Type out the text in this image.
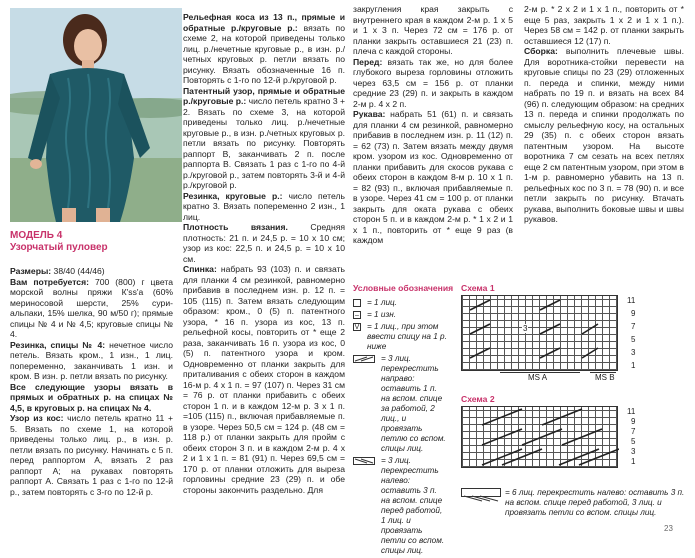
МОДЕЛЬ 4
Узорчатый пуловер

Размеры: 38/40 (44/46)

Вам потребуется: 700 (800) г цвета морской волны пряжи К'ss'а (60% мериносовой шерсти, 25% сури-альпаки, 15% шелка, 90 м/50 г); прямые спицы № 4 и № 4,5; круговые спицы № 4.

Резинка, спицы № 4: нечетное число петель. Вязать кром., 1 изн., 1 лиц. попеременно, заканчивать 1 изн. и кром. В изн. р. петли вязать по рисунку.

Все следующие узоры вязать в прямых и обратных р. на спицах № 4,5, в круговых р. на спицах № 4.

Узор из кос: число петель кратно 11 + 5. Вязать по схеме 1, на которой приведены только лиц. р., в изн. р. петли вязать по рисунку. Начинать с 5 п. перед раппортом А, вязать 2 раз раппорт А; на рукавах повторять раппорт А. Связать 1 раз с 1-го по 12-й р., затем повторять с 3-го по 12-й р.

Рельефная коса из 13 п., прямые и обратные р./круговые р.: вязать по схеме 2, на которой приведены только лиц. р./нечетные круговые р., в изн. р./четных круговых р. петли вязать по рисунку. Вязать обозначенные 16 п. Повторять с 1-го по 12-й р./круговой р.

Патентный узор, прямые и обратные р./круговые р.: число петель кратно 3 + 2. Вязать по схеме 3, на которой приведены только лиц. р./нечетные круговые р., в изн. р./четных круговых р. петли вязать по рисунку. Повторять раппорт В, заканчивать 2 п. после раппорта В. Связать 1 раз с 1-го по 4-й р./круговой р., затем повторять 3-й и 4-й р./круговой р.

Резинка, круговые р.: число петель кратно 3. Вязать попеременно 2 изн., 1 лиц.

Плотность вязания. Средняя плотность: 21 п. и 24,5 р. = 10 х 10 см; узор из кос: 22,5 п. и 24,5 р. = 10 х 10 см.

Спинка: набрать 93 (103) п. и связать для планки 4 см резинкой, равномерно прибавив в последнем изн. р. 12 п. = 105 (115) п. Затем вязать следующим образом: кром., 0 (5) п. патентного узора, * 16 п. узора из кос, 13 п. рельефной косы, повторить от * еще 2 раза, заканчивать 16 п. узора из кос, 0 (5) п. патентного узора и кром. Одновременно от планки закрыть для приталивания с обеих сторон в каждом 16-м р. 4 х 1 п. = 97 (107) п. Через 31 см = 76 р. от планки прибавить с обеих сторон 1 п. и в каждом 12-м р. 3 х 1 п. =105 (115) п., включая прибавляемые п. в узоре. Через 50,5 см = 124 р. (48 см = 118 р.) от планки закрыть для пройм с обеих сторон 3 п. и в каждом 2-м р. 4 х 2 и 1 х 1 п. = 81 (91) п. Через 69,5 см = 170 р. от планки отложить для выреза горловины средние 23 (29) п. и обе стороны закончить раздельно. Для

закругления края закрыть с внутреннего края в каждом 2-м р. 1 х 5 и 1 х 3 п. Через 72 см = 176 р. от планки закрыть оставшиеся 21 (23) п. плеча с каждой стороны.

Перед: вязать так же, но для более глубокого выреза горловины отложить через 63,5 см = 156 р. от планки средние 23 (29) п. и закрыть в каждом 2-м р. 4 х 2 п.

Рукава: набрать 51 (61) п. и связать для планки 4 см резинкой, равномерно прибавив в последнем изн. р. 11 (12) п. = 62 (73) п. Затем вязать между двумя кром. узором из кос. Одновременно от планки прибавить для скосов рукава с обеих сторон в каждом 8-м р. 10 х 1 п. = 82 (93) п., включая прибавляемые п. в узоре. Через 41 см = 100 р. от планки закрыть для оката рукава с обеих сторон 5 п. и в каждом 2-м р. * 1 х 2 и 1 х 1 п., повторить от * еще 9 раз (в каждом

2-м р. * 2 х 2 и 1 х 1 п., повторить от * еще 5 раз, закрыть 1 х 2 и 1 х 1 п.). Через 58 см = 142 р. от планки закрыть оставшиеся 12 (17) п.

Сборка: выполнить плечевые швы. Для воротника-стойки перевести на круговые спицы по 23 (29) отложенных п. переда и спинки, между ними набрать по 19 п. и вязать на всех 84 (96) п. следующим образом: на средних 13 п. переда и спинки продолжать по смыслу рельефную косу, на остальных 29 (35) п. с обеих сторон вязать патентным узором. На высоте воротника 7 см сезать на всех петлях еще 2 см патентным узором, при этом в 1-м р. равномерно убавить на 13 п. рельефных кос по 3 п. = 78 (90) п. и все петли закрыть по рисунку. Втачать рукава, выполнить боковые швы и швы рукавов.

Условные обозначения
= 1 лиц.
– = 1 изн.
V = 1 лиц., при этом ввести спицу на 1 р. ниже
= 3 лиц. перекрестить направо: оставить 1 п. на вспом. спице за работой, 2 лиц., и провязать петлю со вспом. спицы лиц.
= 3 лиц. перекрестить налево: оставить 3 п. на вспом. спице перед работой, 1 лиц. и провязать петли со вспом. спицы лиц.
Схема 1
3
11
9
7
5
3
1
MS A	MS B
Схема 2
11
9
7
5
3
1
= 6 лиц. перекрестить налево: оставить 3 п. на вспом. спице перед работой, 3 лиц. и провязать петли со вспом. спицы лиц.
23
